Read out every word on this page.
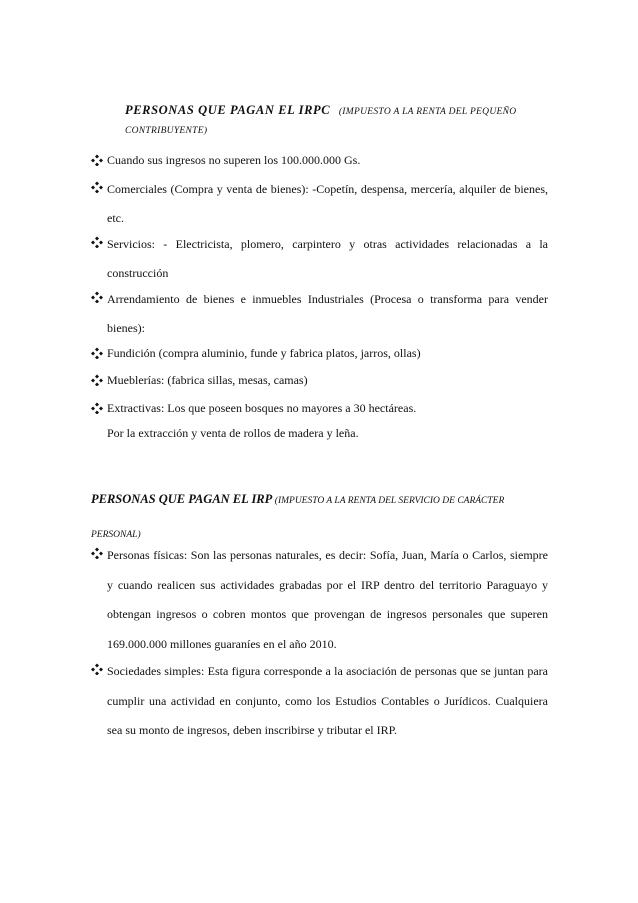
PERSONAS QUE PAGAN EL IRPC (IMPUESTO A LA RENTA DEL PEQUEÑO CONTRIBUYENTE)
Cuando sus ingresos no superen los 100.000.000 Gs.
Comerciales (Compra y venta de bienes): -Copetín, despensa, mercería, alquiler de bienes, etc.
Servicios: - Electricista, plomero, carpintero y otras actividades relacionadas a la construcción
Arrendamiento de bienes e inmuebles Industriales (Procesa o transforma para vender bienes):
Fundición (compra aluminio, funde y fabrica platos, jarros, ollas)
Mueblerías: (fabrica sillas, mesas, camas)
Extractivas: Los que poseen bosques no mayores a 30 hectáreas.
Por la extracción y venta de rollos de madera y leña.
PERSONAS QUE PAGAN EL IRP (IMPUESTO A LA RENTA DEL SERVICIO DE CARÁCTER PERSONAL)
Personas físicas: Son las personas naturales, es decir: Sofía, Juan, María o Carlos, siempre y cuando realicen sus actividades grabadas por el IRP dentro del territorio Paraguayo y obtengan ingresos o cobren montos que provengan de ingresos personales que superen 169.000.000 millones guaraníes en el año 2010.
Sociedades simples: Esta figura corresponde a la asociación de personas que se juntan para cumplir una actividad en conjunto, como los Estudios Contables o Jurídicos. Cualquiera sea su monto de ingresos, deben inscribirse y tributar el IRP.
